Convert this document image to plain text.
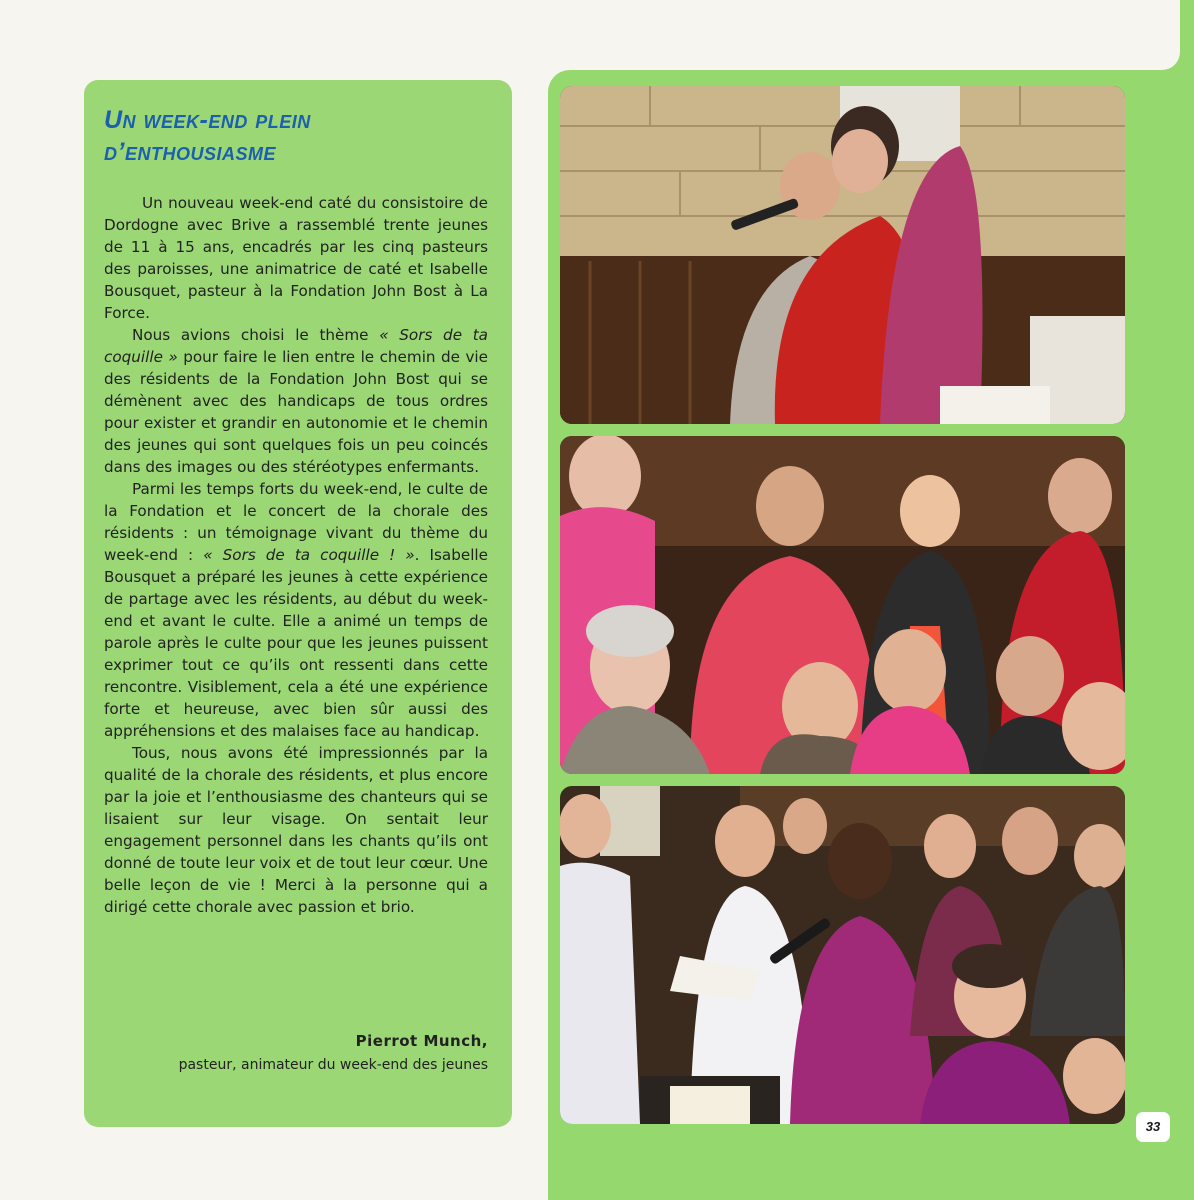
Un week-end plein
d’enthousiasme

Un nouveau week-end caté du consistoire de Dordogne avec Brive a rassemblé trente jeunes de 11 à 15 ans, encadrés par les cinq pasteurs des paroisses, une animatrice de caté et Isabelle Bousquet, pasteur à la Fondation John Bost à La Force.

Nous avions choisi le thème « Sors de ta coquille » pour faire le lien entre le chemin de vie des résidents de la Fondation John Bost qui se démènent avec des handicaps de tous ordres pour exister et grandir en autonomie et le chemin des jeunes qui sont quelques fois un peu coincés dans des images ou des stéréotypes enfermants.

Parmi les temps forts du week-end, le culte de la Fondation et le concert de la chorale des résidents : un témoignage vivant du thème du week-end : « Sors de ta coquille ! ». Isabelle Bousquet a préparé les jeunes à cette expérience de partage avec les résidents, au début du week-end et avant le culte. Elle a animé un temps de parole après le culte pour que les jeunes puissent exprimer tout ce qu’ils ont ressenti dans cette rencontre. Visiblement, cela a été une expérience forte et heureuse, avec bien sûr aussi des appréhensions et des malaises face au handicap.

Tous, nous avons été impressionnés par la qualité de la chorale des résidents, et plus encore par la joie et l’enthousiasme des chanteurs qui se lisaient sur leur visage. On sentait leur engagement personnel dans les chants qu’ils ont donné de toute leur voix et de tout leur cœur. Une belle leçon de vie ! Merci à la personne qui a dirigé cette chorale avec passion et brio.

Pierrot Munch,
pasteur, animateur du week-end des jeunes
33
